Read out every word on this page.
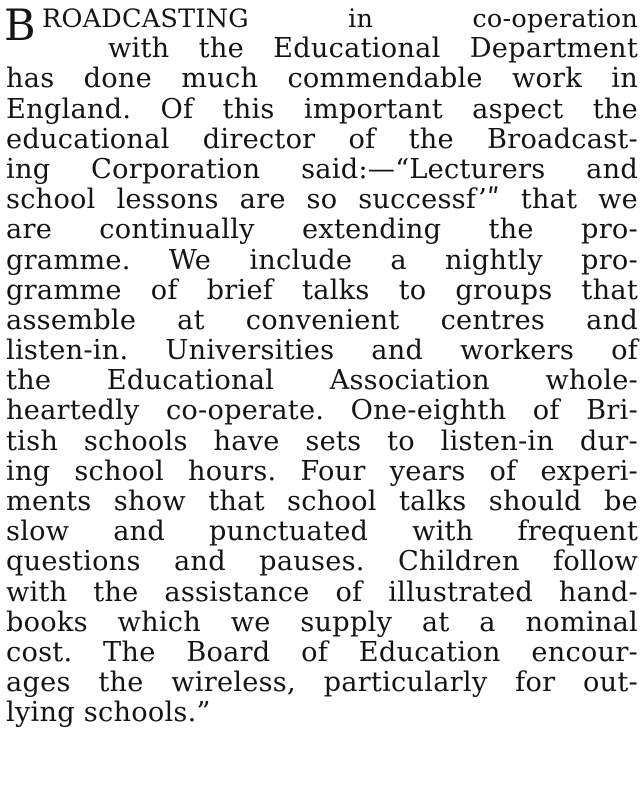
B ROADCASTING in co-operation
with the Educational Department
has done much commendable work in
England. Of this important aspect the
educational director of the Broadcast-
ing Corporation said:—“Lecturers and
school lessons are so successf’ʺ that we
are continually extending the pro-
gramme. We include a nightly pro-
gramme of brief talks to groups that
assemble at convenient centres and
listen-in. Universities and workers of
the Educational Association whole-
heartedly co-operate. One-eighth of Bri-
tish schools have sets to listen-in dur-
ing school hours. Four years of experi-
ments show that school talks should be
slow and punctuated with frequent
questions and pauses. Children follow
with the assistance of illustrated hand-
books which we supply at a nominal
cost. The Board of Education encour-
ages the wireless, particularly for out-
lying schools.”
